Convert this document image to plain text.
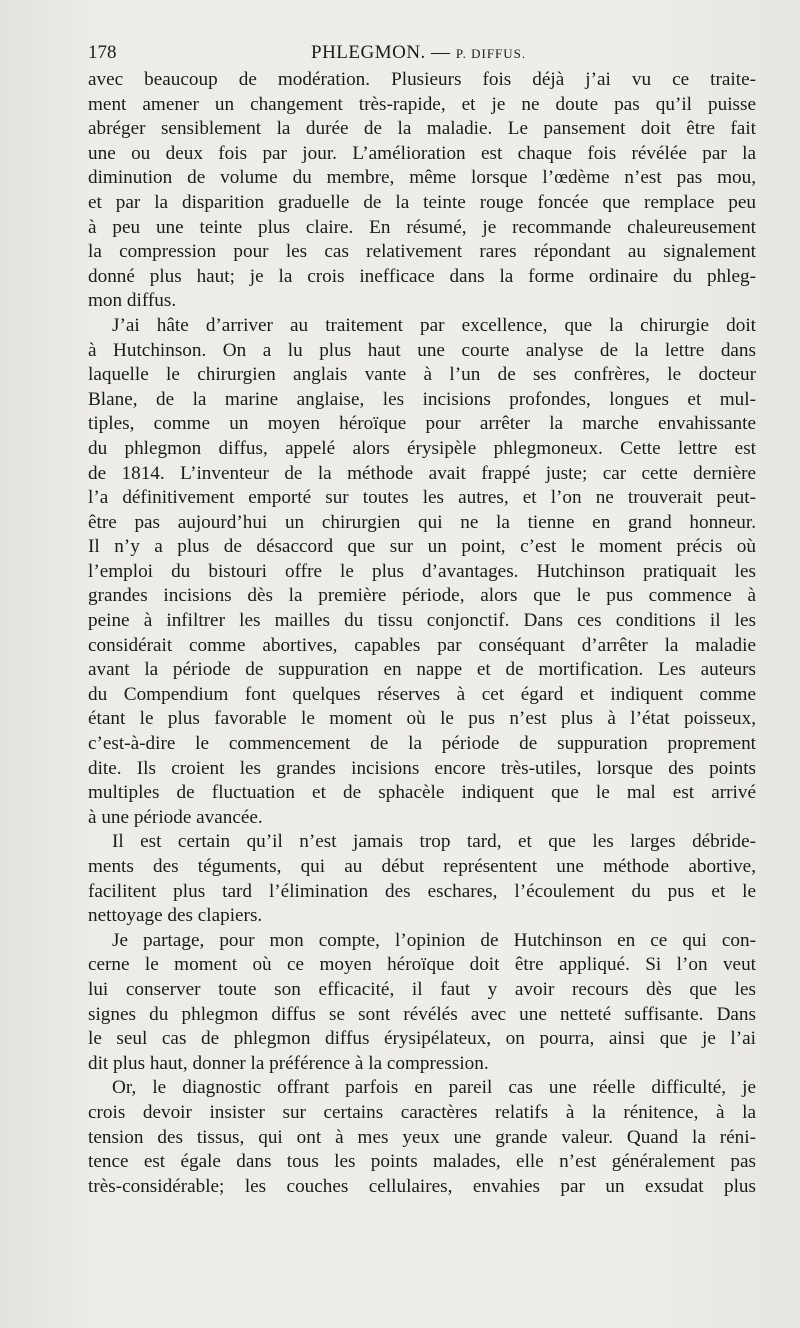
178	PHLEGMON. — P. DIFFUS.
avec beaucoup de modération. Plusieurs fois déjà j’ai vu ce traite-
ment amener un changement très-rapide, et je ne doute pas qu’il puisse
abréger sensiblement la durée de la maladie. Le pansement doit être fait
une ou deux fois par jour. L’amélioration est chaque fois révélée par la
diminution de volume du membre, même lorsque l’œdème n’est pas mou,
et par la disparition graduelle de la teinte rouge foncée que remplace peu
à peu une teinte plus claire. En résumé, je recommande chaleureusement
la compression pour les cas relativement rares répondant au signalement
donné plus haut; je la crois inefficace dans la forme ordinaire du phleg-
mon diffus.
J’ai hâte d’arriver au traitement par excellence, que la chirurgie doit
à Hutchinson. On a lu plus haut une courte analyse de la lettre dans
laquelle le chirurgien anglais vante à l’un de ses confrères, le docteur
Blane, de la marine anglaise, les incisions profondes, longues et mul-
tiples, comme un moyen héroïque pour arrêter la marche envahissante
du phlegmon diffus, appelé alors érysipèle phlegmoneux. Cette lettre est
de 1814. L’inventeur de la méthode avait frappé juste; car cette dernière
l’a définitivement emporté sur toutes les autres, et l’on ne trouverait peut-
être pas aujourd’hui un chirurgien qui ne la tienne en grand honneur.
Il n’y a plus de désaccord que sur un point, c’est le moment précis où
l’emploi du bistouri offre le plus d’avantages. Hutchinson pratiquait les
grandes incisions dès la première période, alors que le pus commence à
peine à infiltrer les mailles du tissu conjonctif. Dans ces conditions il les
considérait comme abortives, capables par conséquant d’arrêter la maladie
avant la période de suppuration en nappe et de mortification. Les auteurs
du Compendium font quelques réserves à cet égard et indiquent comme
étant le plus favorable le moment où le pus n’est plus à l’état poisseux,
c’est-à-dire le commencement de la période de suppuration proprement
dite. Ils croient les grandes incisions encore très-utiles, lorsque des points
multiples de fluctuation et de sphacèle indiquent que le mal est arrivé
à une période avancée.
Il est certain qu’il n’est jamais trop tard, et que les larges débride-
ments des téguments, qui au début représentent une méthode abortive,
facilitent plus tard l’élimination des eschares, l’écoulement du pus et le
nettoyage des clapiers.
Je partage, pour mon compte, l’opinion de Hutchinson en ce qui con-
cerne le moment où ce moyen héroïque doit être appliqué. Si l’on veut
lui conserver toute son efficacité, il faut y avoir recours dès que les
signes du phlegmon diffus se sont révélés avec une netteté suffisante. Dans
le seul cas de phlegmon diffus érysipélateux, on pourra, ainsi que je l’ai
dit plus haut, donner la préférence à la compression.
Or, le diagnostic offrant parfois en pareil cas une réelle difficulté, je
crois devoir insister sur certains caractères relatifs à la rénitence, à la
tension des tissus, qui ont à mes yeux une grande valeur. Quand la réni-
tence est égale dans tous les points malades, elle n’est généralement pas
très-considérable; les couches cellulaires, envahies par un exsudat plus
